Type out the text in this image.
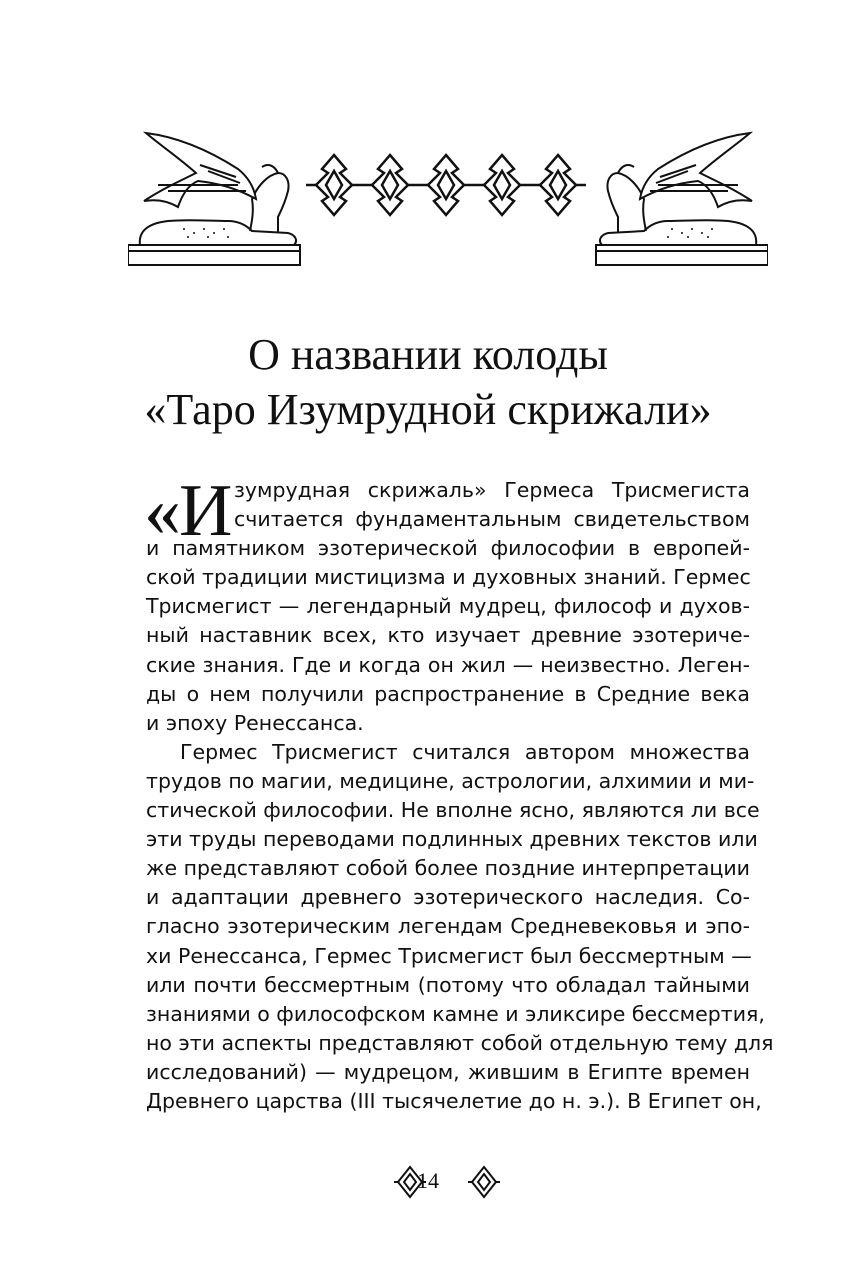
О названии колоды
«Таро Изумрудной скрижали»
«И зумрудная скрижаль» Гермеса Трисмегиста
считается фундаментальным свидетельством
и памятником эзотерической философии в европей-
ской традиции мистицизма и духовных знаний. Гермес
Трисмегист — легендарный мудрец, философ и духов-
ный наставник всех, кто изучает древние эзотериче-
ские знания. Где и когда он жил — неизвестно. Леген-
ды о нем получили распространение в Средние века
и эпоху Ренессанса.
Гермес Трисмегист считался автором множества
трудов по магии, медицине, астрологии, алхимии и ми-
стической философии. Не вполне ясно, являются ли все
эти труды переводами подлинных древних текстов или
же представляют собой более поздние интерпретации
и адаптации древнего эзотерического наследия. Со-
гласно эзотерическим легендам Средневековья и эпо-
хи Ренессанса, Гермес Трисмегист был бессмертным —
или почти бессмертным (потому что обладал тайными
знаниями о философском камне и эликсире бессмертия,
но эти аспекты представляют собой отдельную тему для
исследований) — мудрецом, жившим в Египте времен
Древнего царства (III тысячелетие до н. э.). В Египет он,
14
